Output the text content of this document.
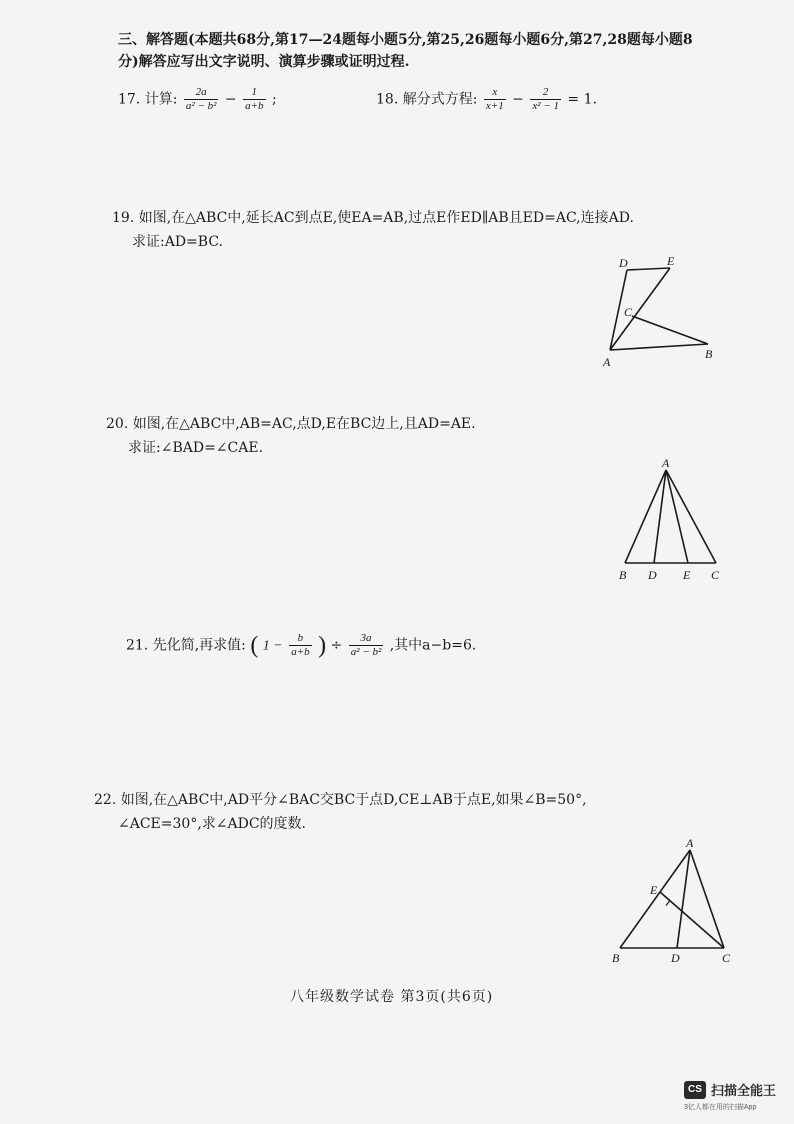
三、解答题(本题共68分,第17—24题每小题5分,第25,26题每小题6分,第27,28题每小题8
分)解答应写出文字说明、演算步骤或证明过程.
17. 计算: $\frac{2a}{\text{a² − b²}} - \frac{1}{a+b}$ ;	18. 解分式方程: $\frac{x}{x+1} - \frac{2}{\text{x² − 1}} = 1$.
19. 如图,在△ABC中,延长AC到点E,使EA=AB,过点E作ED∥AB且ED=AC,连接AD.
求证:AD=BC.
D	E
C
A
B
20. 如图,在△ABC中,AB=AC,点D,E在BC边上,且AD=AE.
求证:∠BAD=∠CAE.
A
B D E C
21. 先化简,再求值: ( $1 - \frac{b}{a+b}$ ) ÷ $\frac{3a}{\text{a² − b²}}$ ,其中a−b=6.
22. 如图,在△ABC中,AD平分∠BAC交BC于点D,CE⊥AB于点E,如果∠B=50°,
∠ACE=30°,求∠ADC的度数.
A
E
B	D	C
八年级数学试卷 第3页(共6页)
CS 扫描全能王
3亿人都在用的扫描App
